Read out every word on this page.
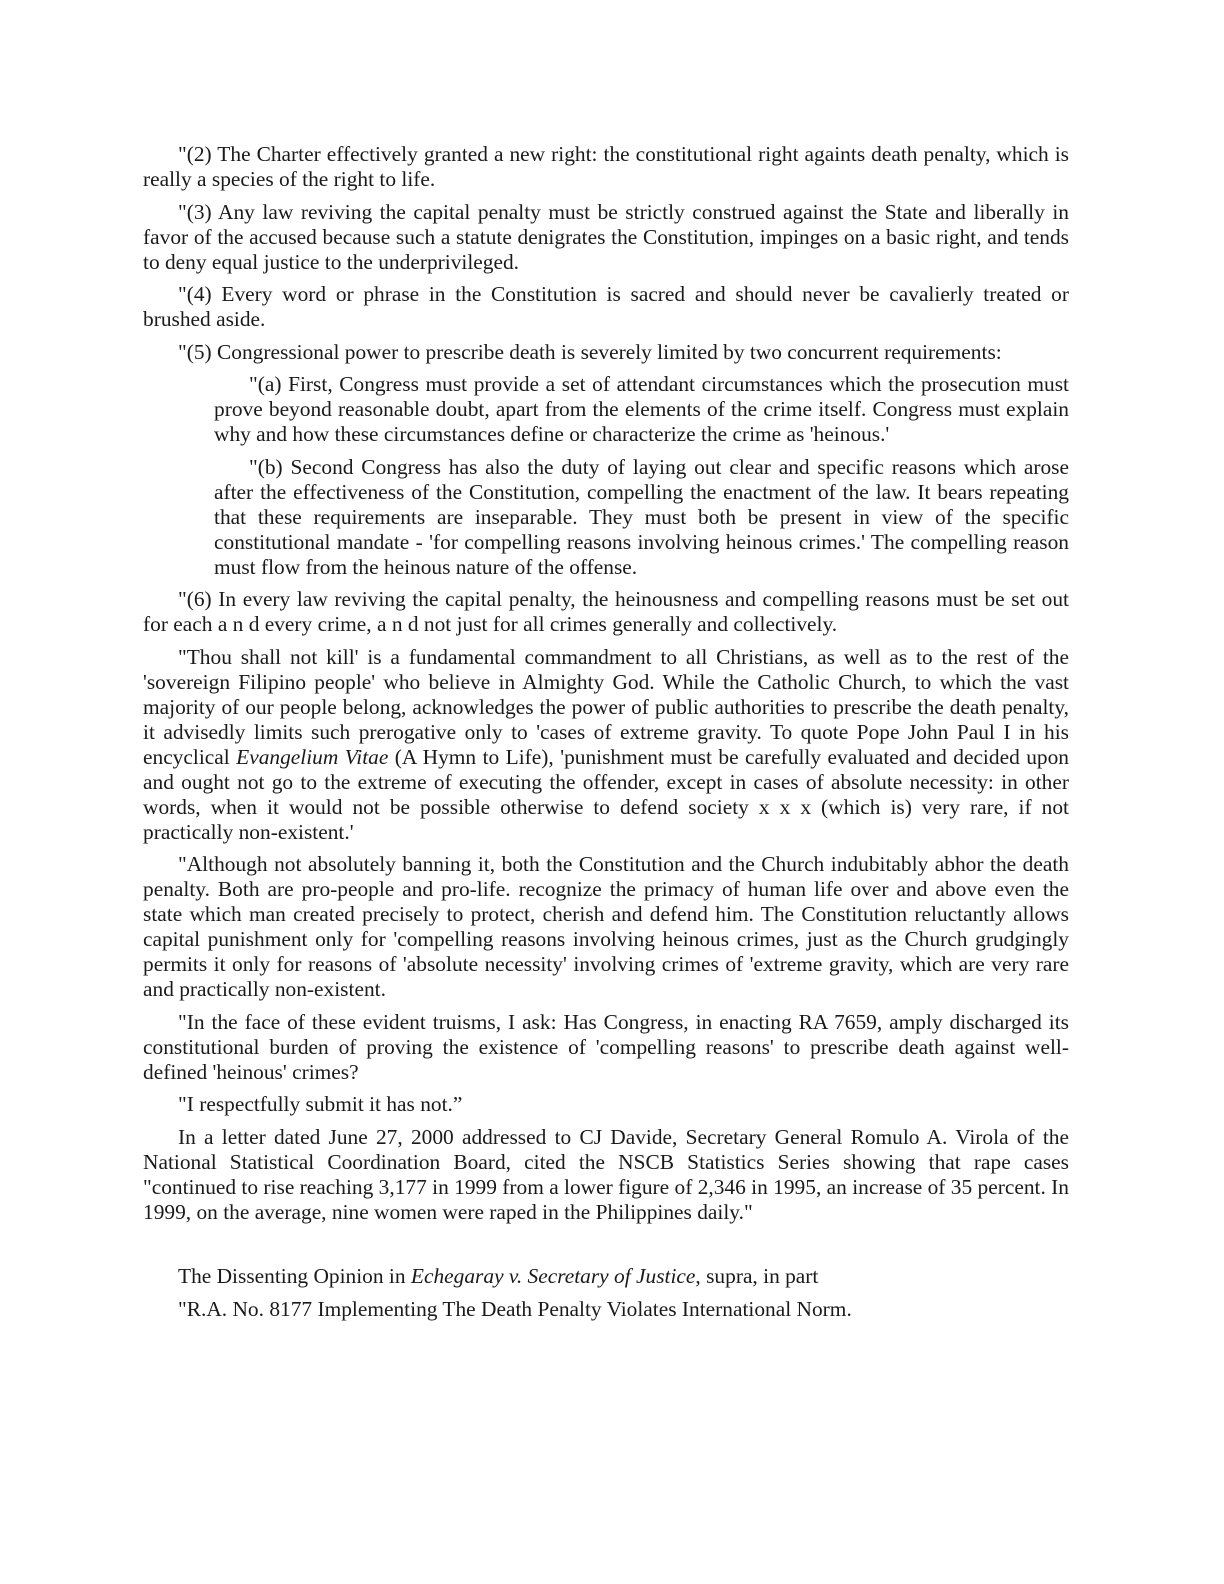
"(2) The Charter effectively granted a new right: the constitutional right againts death penalty, which is really a species of the right to life.

"(3) Any law reviving the capital penalty must be strictly construed against the State and liberally in favor of the accused because such a statute denigrates the Constitution, impinges on a basic right, and tends to deny equal justice to the underprivileged.

"(4) Every word or phrase in the Constitution is sacred and should never be cavalierly treated or brushed aside.

"(5) Congressional power to prescribe death is severely limited by two concurrent requirements:

"(a) First, Congress must provide a set of attendant circumstances which the prosecution must prove beyond reasonable doubt, apart from the elements of the crime itself. Congress must explain why and how these circumstances define or characterize the crime as 'heinous.'

"(b) Second Congress has also the duty of laying out clear and specific reasons which arose after the effectiveness of the Constitution, compelling the enactment of the law. It bears repeating that these requirements are inseparable. They must both be present in view of the specific constitutional mandate - 'for compelling reasons involving heinous crimes.' The compelling reason must flow from the heinous nature of the offense.

"(6) In every law reviving the capital penalty, the heinousness and compelling reasons must be set out for each a n d every crime, a n d not just for all crimes generally and collectively.

"Thou shall not kill' is a fundamental commandment to all Christians, as well as to the rest of the 'sovereign Filipino people' who believe in Almighty God. While the Catholic Church, to which the vast majority of our people belong, acknowledges the power of public authorities to prescribe the death penalty, it advisedly limits such prerogative only to 'cases of extreme gravity. To quote Pope John Paul I in his encyclical Evangelium Vitae (A Hymn to Life), 'punishment must be carefully evaluated and decided upon and ought not go to the extreme of executing the offender, except in cases of absolute necessity: in other words, when it would not be possible otherwise to defend society x x x (which is) very rare, if not practically non-existent.'

"Although not absolutely banning it, both the Constitution and the Church indubitably abhor the death penalty. Both are pro-people and pro-life. recognize the primacy of human life over and above even the state which man created precisely to protect, cherish and defend him. The Constitution reluctantly allows capital punishment only for 'compelling reasons involving heinous crimes, just as the Church grudgingly permits it only for reasons of 'absolute necessity' involving crimes of 'extreme gravity, which are very rare and practically non-existent.

"In the face of these evident truisms, I ask: Has Congress, in enacting RA 7659, amply discharged its constitutional burden of proving the existence of 'compelling reasons' to prescribe death against well-defined 'heinous' crimes?

"I respectfully submit it has not.”

In a letter dated June 27, 2000 addressed to CJ Davide, Secretary General Romulo A. Virola of the National Statistical Coordination Board, cited the NSCB Statistics Series showing that rape cases "continued to rise reaching 3,177 in 1999 from a lower figure of 2,346 in 1995, an increase of 35 percent. In 1999, on the average, nine women were raped in the Philippines daily."

The Dissenting Opinion in Echegaray v. Secretary of Justice, supra, in part

"R.A. No. 8177 Implementing The Death Penalty Violates International Norm.
